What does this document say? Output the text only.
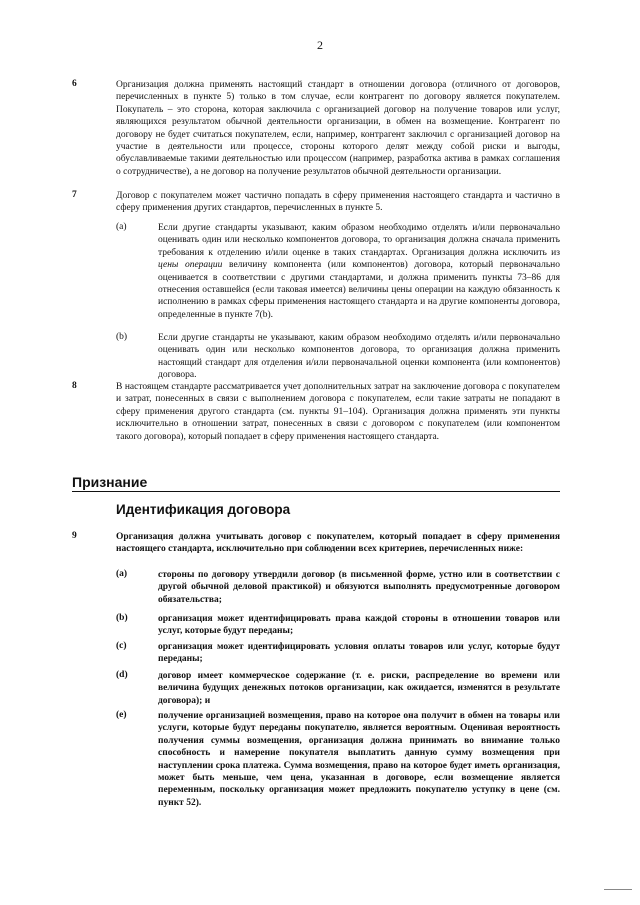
2
6	Организация должна применять настоящий стандарт в отношении договора (отличного от договоров, перечисленных в пункте 5) только в том случае, если контрагент по договору является покупателем. Покупатель – это сторона, которая заключила с организацией договор на получение товаров или услуг, являющихся результатом обычной деятельности организации, в обмен на возмещение. Контрагент по договору не будет считаться покупателем, если, например, контрагент заключил с организацией договор на участие в деятельности или процессе, стороны которого делят между собой риски и выгоды, обуславливаемые такими деятельностью или процессом (например, разработка актива в рамках соглашения о сотрудничестве), а не договор на получение результатов обычной деятельности организации.
7	Договор с покупателем может частично попадать в сферу применения настоящего стандарта и частично в сферу применения других стандартов, перечисленных в пункте 5.
(a)	Если другие стандарты указывают, каким образом необходимо отделять и/или первоначально оценивать один или несколько компонентов договора, то организация должна сначала применить требования к отделению и/или оценке в таких стандартах. Организация должна исключить из цены операции величину компонента (или компонентов) договора, который первоначально оценивается в соответствии с другими стандартами, и должна применить пункты 73–86 для отнесения оставшейся (если таковая имеется) величины цены операции на каждую обязанность к исполнению в рамках сферы применения настоящего стандарта и на другие компоненты договора, определенные в пункте 7(b).
(b)	Если другие стандарты не указывают, каким образом необходимо отделять и/или первоначально оценивать один или несколько компонентов договора, то организация должна применить настоящий стандарт для отделения и/или первоначальной оценки компонента (или компонентов) договора.
8	В настоящем стандарте рассматривается учет дополнительных затрат на заключение договора с покупателем и затрат, понесенных в связи с выполнением договора с покупателем, если такие затраты не попадают в сферу применения другого стандарта (см. пункты 91–104). Организация должна применять эти пункты исключительно в отношении затрат, понесенных в связи с договором с покупателем (или компонентом такого договора), который попадает в сферу применения настоящего стандарта.
Признание
Идентификация договора
9	Организация должна учитывать договор с покупателем, который попадает в сферу применения настоящего стандарта, исключительно при соблюдении всех критериев, перечисленных ниже:
(a)	стороны по договору утвердили договор (в письменной форме, устно или в соответствии с другой обычной деловой практикой) и обязуются выполнять предусмотренные договором обязательства;
(b)	организация может идентифицировать права каждой стороны в отношении товаров или услуг, которые будут переданы;
(c)	организация может идентифицировать условия оплаты товаров или услуг, которые будут переданы;
(d)	договор имеет коммерческое содержание (т. е. риски, распределение во времени или величина будущих денежных потоков организации, как ожидается, изменятся в результате договора); и
(e)	получение организацией возмещения, право на которое она получит в обмен на товары или услуги, которые будут переданы покупателю, является вероятным. Оценивая вероятность получения суммы возмещения, организация должна принимать во внимание только способность и намерение покупателя выплатить данную сумму возмещения при наступлении срока платежа. Сумма возмещения, право на которое будет иметь организация, может быть меньше, чем цена, указанная в договоре, если возмещение является переменным, поскольку организация может предложить покупателю уступку в цене (см. пункт 52).
